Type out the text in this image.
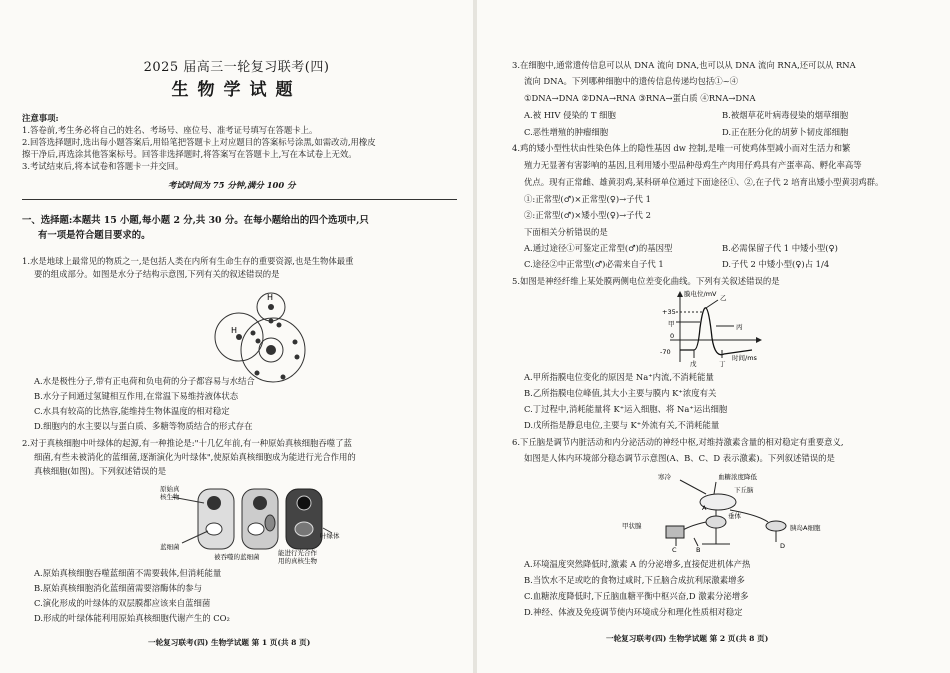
2025 届高三一轮复习联考(四)
生物学试题
注意事项:
1.答卷前,考生务必将自己的姓名、考场号、座位号、准考证号填写在答题卡上。
2.回答选择题时,选出每小题答案后,用铅笔把答题卡上对应题目的答案标号涂黑,如需改动,用橡皮
擦干净后,再选涂其他答案标号。回答非选择题时,将答案写在答题卡上,写在本试卷上无效。
3.考试结束后,将本试卷和答题卡一并交回。
考试时间为 75 分钟,满分 100 分
一、选择题:本题共 15 小题,每小题 2 分,共 30 分。在每小题给出的四个选项中,只
有一项是符合题目要求的。
1.水是地球上最常见的物质之一,是包括人类在内所有生命生存的重要资源,也是生物体最重
要的组成部分。如图是水分子结构示意图,下列有关的叙述错误的是
H
H
O
A.水是极性分子,带有正电荷和负电荷的分子都容易与水结合
B.水分子间通过氢键相互作用,在常温下易维持液体状态
C.水具有较高的比热容,能维持生物体温度的相对稳定
D.细胞内的水主要以与蛋白质、多糖等物质结合的形式存在
2.对于真核细胞中叶绿体的起源,有一种推论是:"十几亿年前,有一种原始真核细胞吞噬了蓝
细菌,有些未被消化的蓝细菌,逐渐演化为叶绿体",使原始真核细胞成为能进行光合作用的
真核细胞(如图)。下列叙述错误的是
原始真
核生物
蓝细菌
叶绿体
被吞噬的蓝细菌	能进行光合作
用的真核生物
A.原始真核细胞吞噬蓝细菌不需要载体,但消耗能量
B.原始真核细胞消化蓝细菌需要溶酶体的参与
C.演化形成的叶绿体的双层膜都应该来自蓝细菌
D.形成的叶绿体能利用原始真核细胞代谢产生的 CO₂
一轮复习联考(四) 生物学试题 第 1 页(共 8 页)
3.在细胞中,通常遗传信息可以从 DNA 流向 DNA,也可以从 DNA 流向 RNA,还可以从 RNA
流向 DNA。下列哪种细胞中的遗传信息传递均包括①~④
①DNA→DNA ②DNA→RNA ③RNA→蛋白质 ④RNA→DNA
A.被 HIV 侵染的 T 细胞	B.被烟草花叶病毒侵染的烟草细胞
C.恶性增殖的肿瘤细胞	D.正在胚分化的胡萝卜韧皮部细胞
4.鸡的矮小型性状由性染色体上的隐性基因 dw 控制,是唯一可使鸡体型减小而对生活力和繁
殖力无显著有害影响的基因,且利用矮小型品种母鸡生产肉用仔鸡具有产蛋率高、孵化率高等
优点。现有正常雌、雄黄羽鸡,某科研单位通过下面途径①、②,在子代 2 培育出矮小型黄羽鸡群。
①:正常型(♂)×正常型(♀)→子代 1
②:正常型(♂)×矮小型(♀)→子代 2
下面相关分析错误的是
A.通过途径①可鉴定正常型(♂)的基因型	B.必需保留子代 1 中矮小型(♀)
C.途径②中正常型(♂)必需来自子代 1	D.子代 2 中矮小型(♀)占 1/4
5.如图是神经纤维上某处膜两侧电位差变化曲线。下列有关叙述错误的是
膜电位/mV
+35
0
-70
甲
乙
丙
丁
戊
时间/ms
A.甲所指膜电位变化的原因是 Na⁺内流,不消耗能量
B.乙所指膜电位峰值,其大小主要与膜内 K⁺浓度有关
C.丁过程中,消耗能量将 K⁺运入细胞、将 Na⁺运出细胞
D.戊所指是静息电位,主要与 K⁺外流有关,不消耗能量
6.下丘脑是调节内脏活动和内分泌活动的神经中枢,对维持激素含量的相对稳定有重要意义,
如图是人体内环境部分稳态调节示意图(A、B、C、D 表示激素)。下列叙述错误的是
寒冷	血糖浓度降低
下丘脑
垂体
甲状腺	胰岛A细胞
A
B
C	D
A.环境温度突然降低时,激素 A 的分泌增多,直接促进机体产热
B.当饮水不足或吃的食物过咸时,下丘脑合成抗利尿激素增多
C.血糖浓度降低时,下丘脑血糖平衡中枢兴奋,D 激素分泌增多
D.神经、体液及免疫调节使内环境成分和理化性质相对稳定
一轮复习联考(四) 生物学试题 第 2 页(共 8 页)
